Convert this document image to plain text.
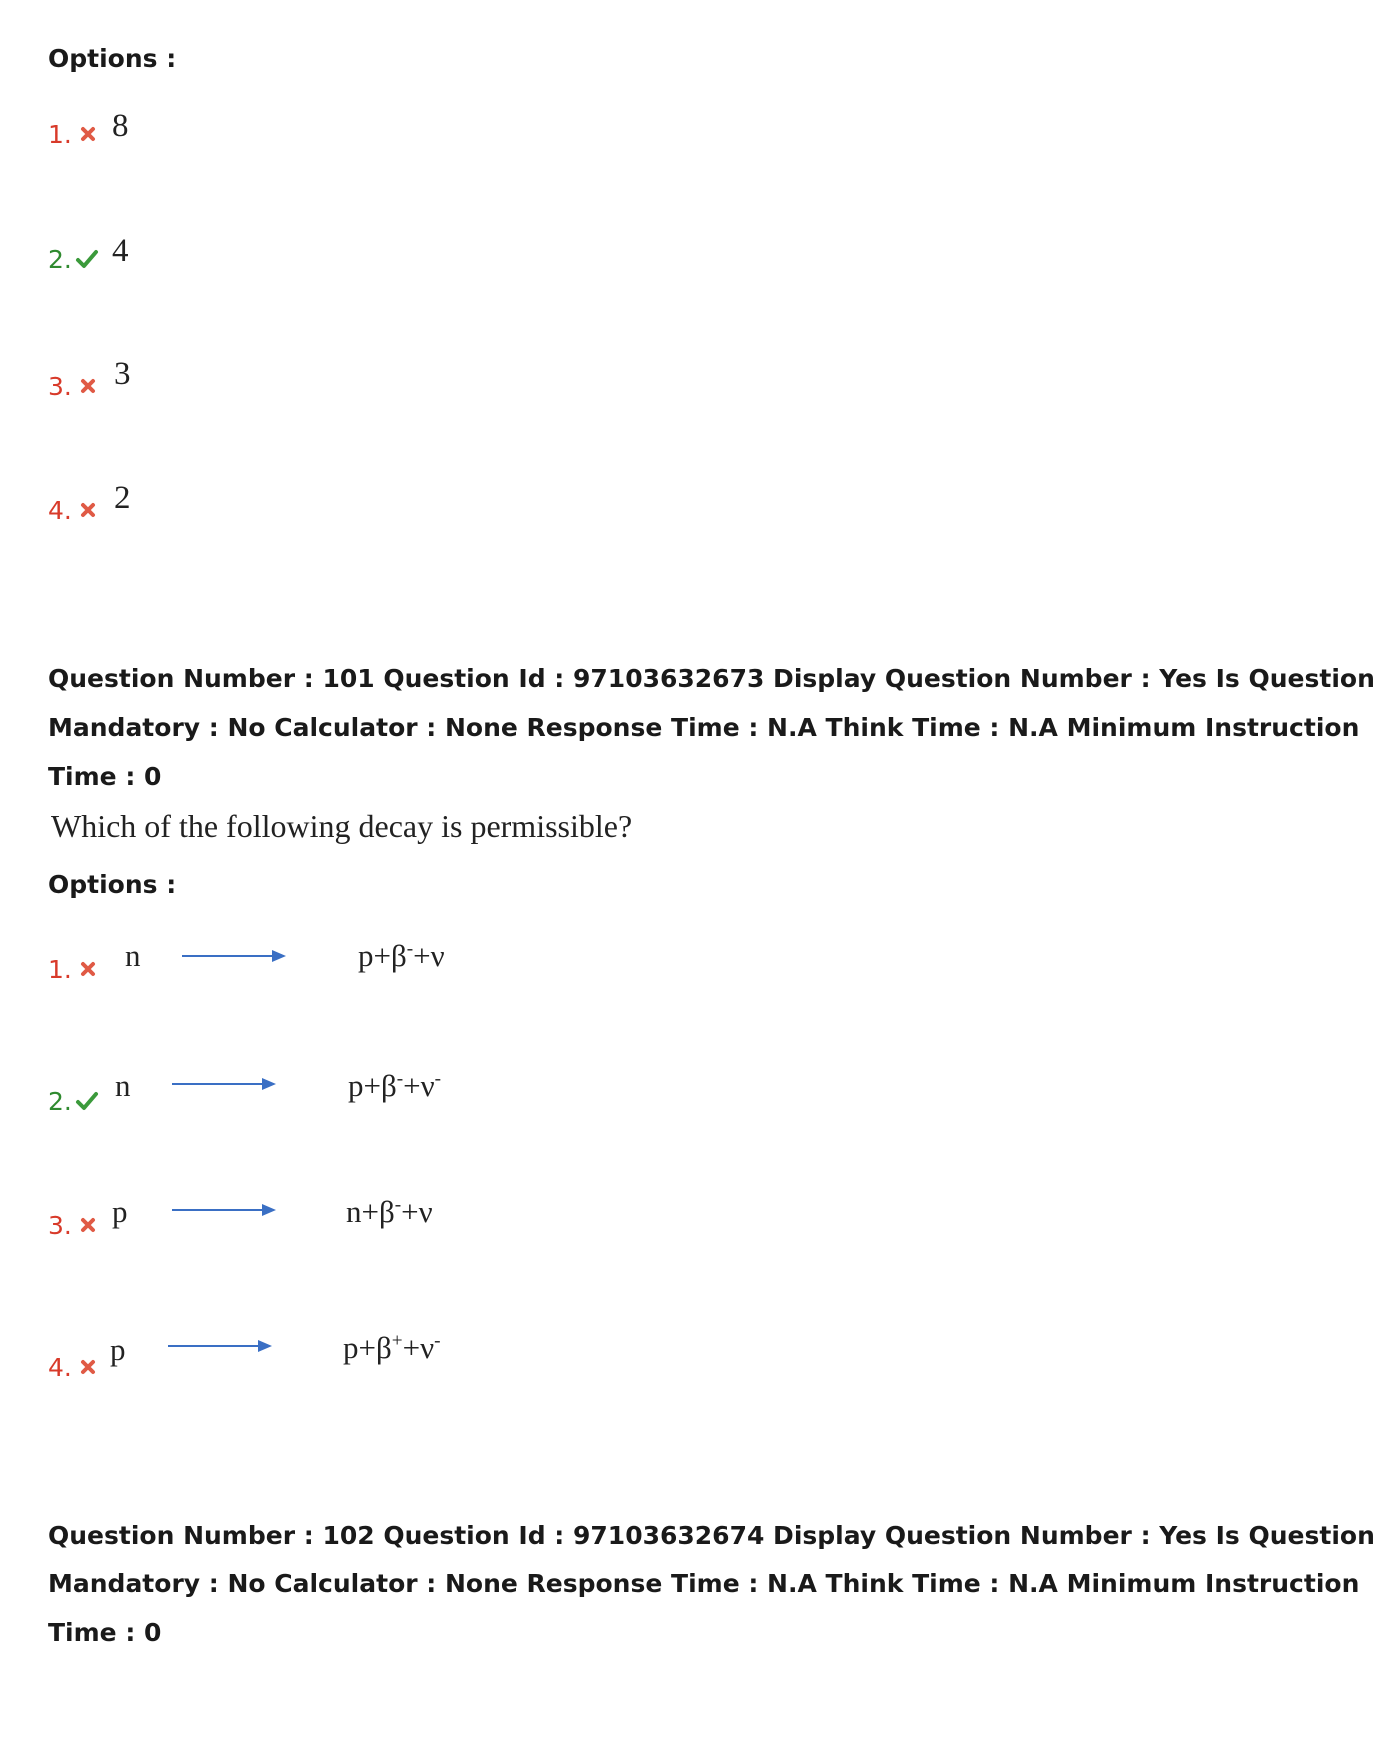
Options :
1. 8
2. 4
3. 3
4. 2
Question Number : 101 Question Id : 97103632673 Display Question Number : Yes Is Question
Mandatory : No Calculator : None Response Time : N.A Think Time : N.A Minimum Instruction
Time : 0
Which of the following decay is permissible?
Options :
1. n	p+β-+ν
2. n	p+β-+ν-
3. p	n+β-+ν
4.
p	p+β++ν-
Question Number : 102 Question Id : 97103632674 Display Question Number : Yes Is Question
Mandatory : No Calculator : None Response Time : N.A Think Time : N.A Minimum Instruction
Time : 0
